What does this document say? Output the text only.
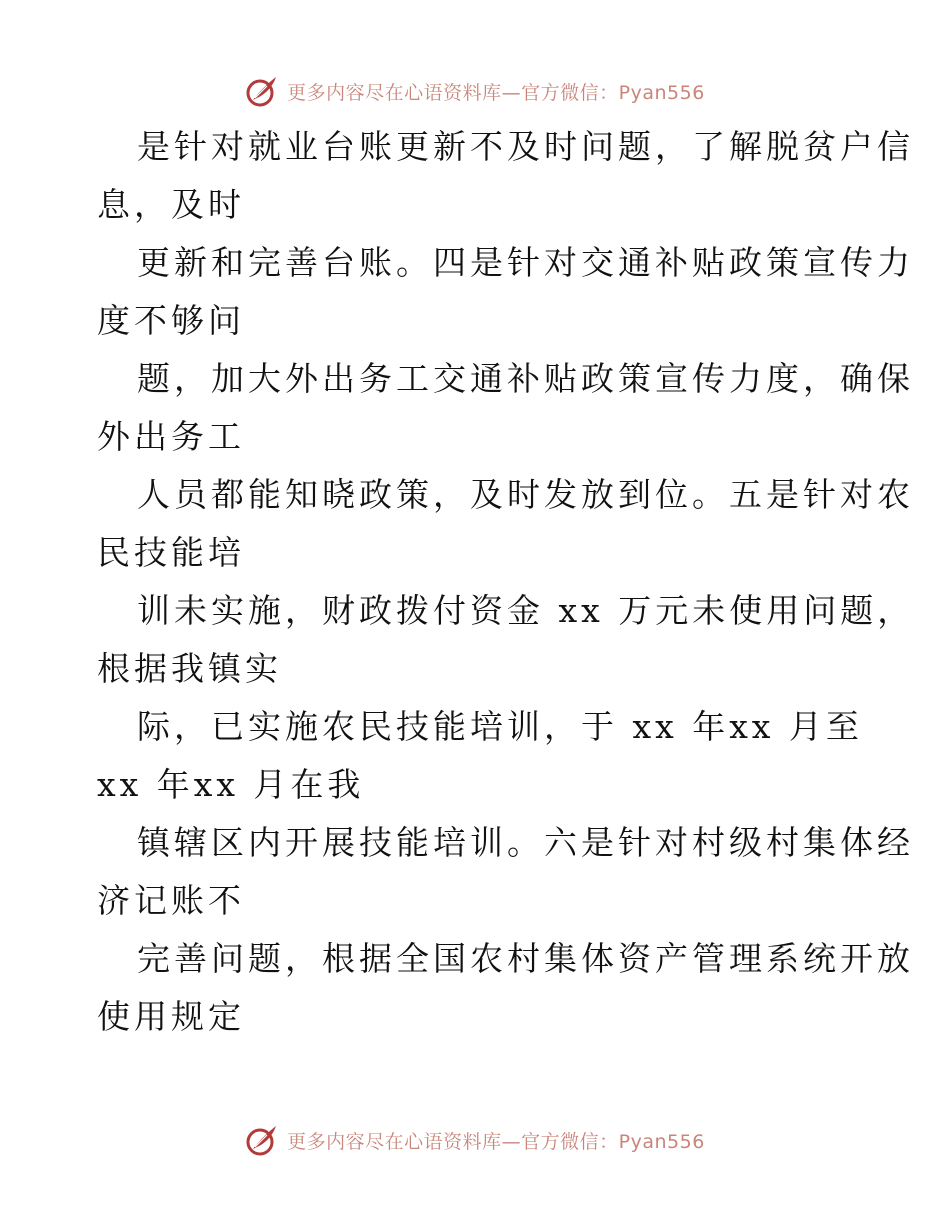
更多内容尽在心语资料库—官方微信：Pyan556
是针对就业台账更新不及时问题，了解脱贫户信
息，及时
更新和完善台账。四是针对交通补贴政策宣传力
度不够问
题，加大外出务工交通补贴政策宣传力度，确保
外出务工
人员都能知晓政策，及时发放到位。五是针对农
民技能培
训未实施，财政拨付资金 xx 万元未使用问题，
根据我镇实
际，已实施农民技能培训，于 xx 年xx 月至
xx 年xx 月在我
镇辖区内开展技能培训。六是针对村级村集体经
济记账不
完善问题，根据全国农村集体资产管理系统开放
使用规定
更多内容尽在心语资料库—官方微信：Pyan556
